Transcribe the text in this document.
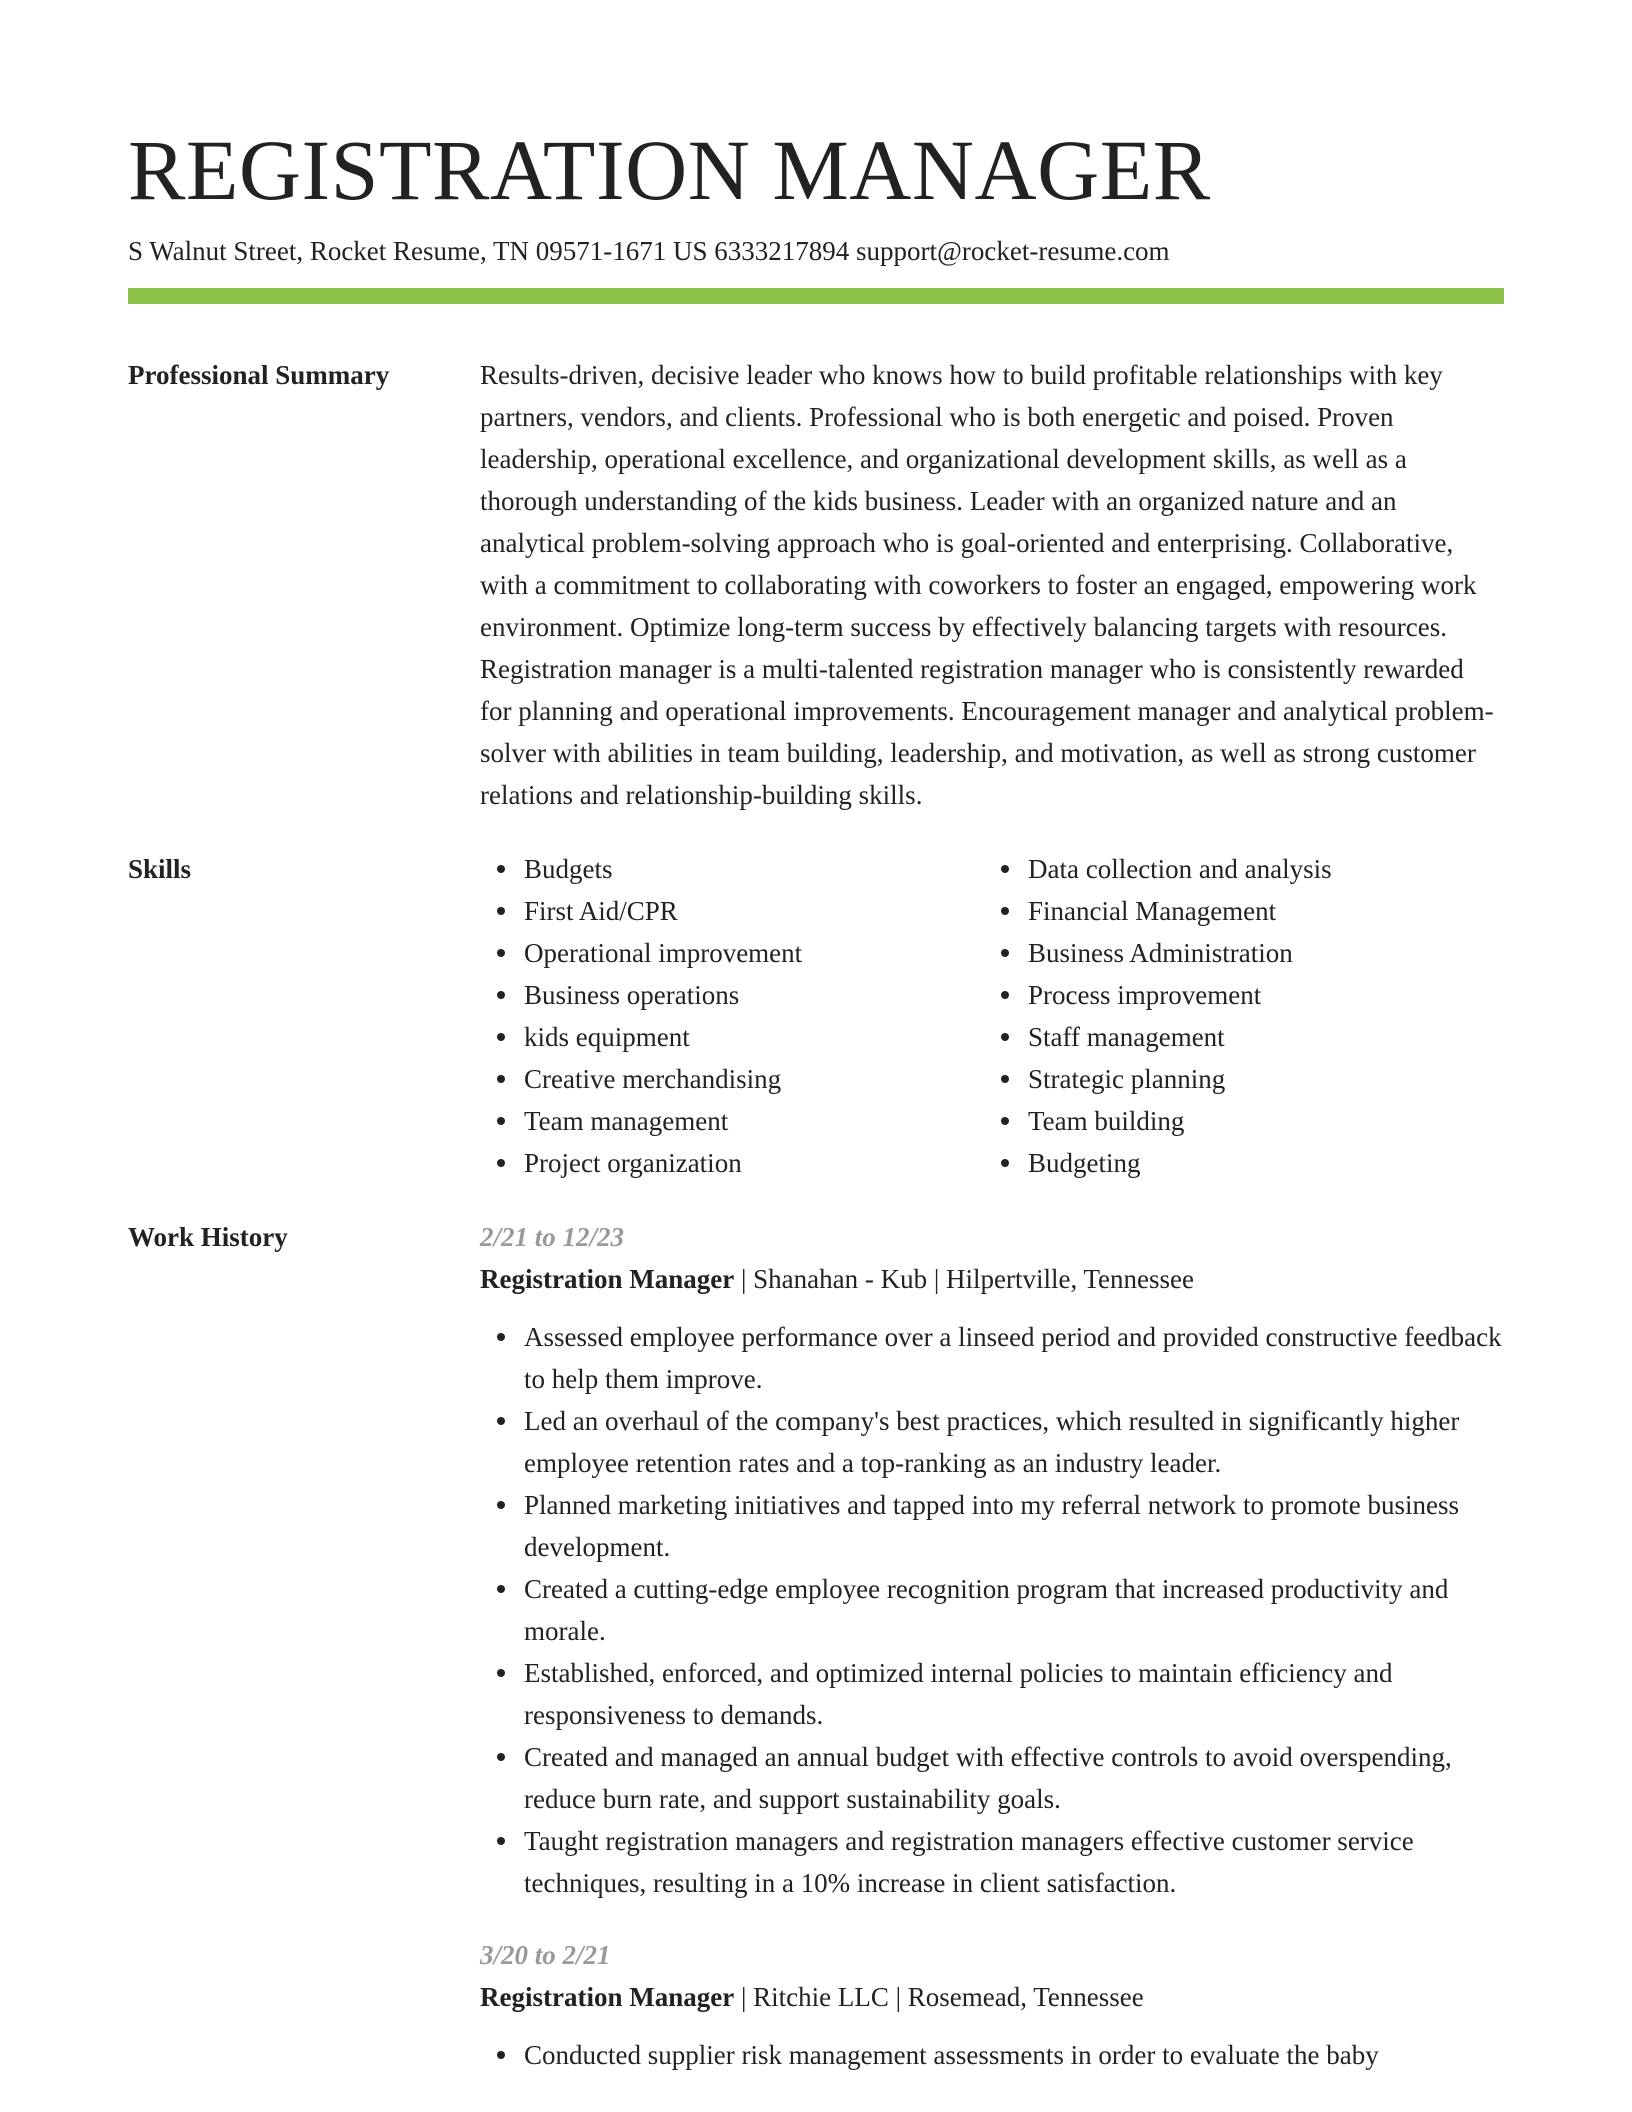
REGISTRATION MANAGER
S Walnut Street, Rocket Resume, TN 09571-1671 US 6333217894 support@rocket-resume.com
Professional Summary	Results-driven, decisive leader who knows how to build profitable relationships with key partners, vendors, and clients. Professional who is both energetic and poised. Proven leadership, operational excellence, and organizational development skills, as well as a thorough understanding of the kids business. Leader with an organized nature and an analytical problem-solving approach who is goal-oriented and enterprising. Collaborative, with a commitment to collaborating with coworkers to foster an engaged, empowering work environment. Optimize long-term success by effectively balancing targets with resources. Registration manager is a multi-talented registration manager who is consistently rewarded for planning and operational improvements. Encouragement manager and analytical problem-solver with abilities in team building, leadership, and motivation, as well as strong customer relations and relationship-building skills.

Skills	Budgets
First Aid/CPR
Operational improvement
Business operations
kids equipment
Creative merchandising
Team management
Project organization
Data collection and analysis
Financial Management
Business Administration
Process improvement
Staff management
Strategic planning
Team building
Budgeting
Work History	2/21 to 12/23
Registration Manager | Shanahan - Kub | Hilpertville, Tennessee
Assessed employee performance over a linseed period and provided constructive feedback to help them improve.
Led an overhaul of the company's best practices, which resulted in significantly higher employee retention rates and a top-ranking as an industry leader.
Planned marketing initiatives and tapped into my referral network to promote business development.
Created a cutting-edge employee recognition program that increased productivity and morale.
Established, enforced, and optimized internal policies to maintain efficiency and responsiveness to demands.
Created and managed an annual budget with effective controls to avoid overspending, reduce burn rate, and support sustainability goals.
Taught registration managers and registration managers effective customer service techniques, resulting in a 10% increase in client satisfaction.
3/20 to 2/21
Registration Manager | Ritchie LLC | Rosemead, Tennessee
Conducted supplier risk management assessments in order to evaluate the baby
